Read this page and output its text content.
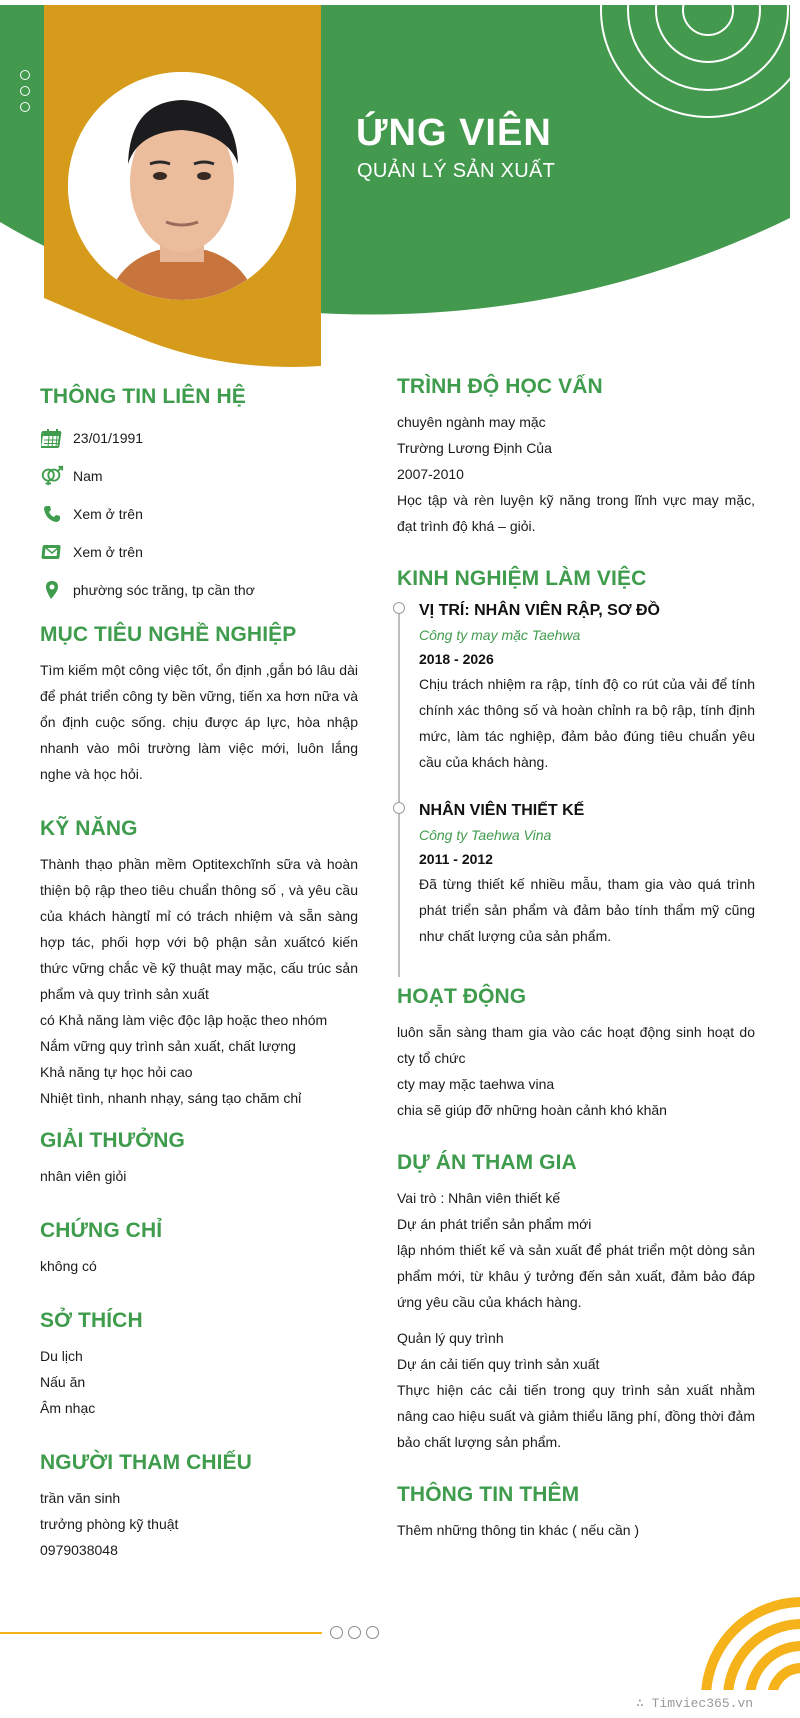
ỨNG VIÊN
QUẢN LÝ SẢN XUẤT
THÔNG TIN LIÊN HỆ
23/01/1991
Nam
Xem ở trên
Xem ở trên
phường sóc trăng, tp cần thơ
MỤC TIÊU NGHỀ NGHIỆP

Tìm kiếm một công việc tốt, ổn định ,gắn bó lâu dài để phát triển công ty bền vững, tiến xa hơn nữa và ổn định cuộc sống. chịu được áp lực, hòa nhập nhanh vào môi trường làm việc mới, luôn lắng nghe và học hỏi.

KỸ NĂNG

Thành thạo phần mềm Optitexchĩnh sữa và hoàn thiện bộ rập theo tiêu chuẩn thông số , và yêu cầu của khách hàngtỉ mỉ có trách nhiệm và sẵn sàng hợp tác, phối hợp với bộ phận sản xuấtcó kiến thức vững chắc về kỹ thuật may mặc, cấu trúc sản phẩm và quy trình sản xuất

có Khả năng làm việc độc lập hoặc theo nhóm
Nắm vững quy trình sản xuất, chất lượng
Khả năng tự học hỏi cao
Nhiệt tình, nhanh nhạy, sáng tạo chăm chỉ
GIẢI THƯỞNG
nhân viên giỏi
CHỨNG CHỈ
không có
SỞ THÍCH
Du lịch
Nấu ăn
Âm nhạc
NGƯỜI THAM CHIẾU
trần văn sinh
trưởng phòng kỹ thuật
0979038048
TRÌNH ĐỘ HỌC VẤN
chuyên ngành may mặc
Trường Lương Định Của
2007-2010

Học tập và rèn luyện kỹ năng trong lĩnh vực may mặc, đạt trình độ khá – giỏi.

KINH NGHIỆM LÀM VIỆC
VỊ TRÍ: NHÂN VIÊN RẬP, SƠ ĐỒ
Công ty may mặc Taehwa
2018 - 2026

Chịu trách nhiệm ra rập, tính độ co rút của vải để tính chính xác thông số và hoàn chỉnh ra bộ rập, tính định mức, làm tác nghiệp, đảm bảo đúng tiêu chuẩn yêu cầu của khách hàng.

NHÂN VIÊN THIẾT KẾ
Công ty Taehwa Vina
2011 - 2012

Đã từng thiết kế nhiều mẫu, tham gia vào quá trình phát triển sản phẩm và đảm bảo tính thẩm mỹ cũng như chất lượng của sản phẩm.

HOẠT ĐỘNG

luôn sẵn sàng tham gia vào các hoạt động sinh hoạt do cty tổ chức

cty may mặc taehwa vina
chia sẽ giúp đỡ những hoàn cảnh khó khăn
DỰ ÁN THAM GIA
Vai trò : Nhân viên thiết kế
Dự án phát triển sản phẩm mới

lập nhóm thiết kế và sản xuất để phát triển một dòng sản phẩm mới, từ khâu ý tưởng đến sản xuất, đảm bảo đáp ứng yêu cầu của khách hàng.

Quản lý quy trình
Dự án cải tiến quy trình sản xuất

Thực hiện các cải tiến trong quy trình sản xuất nhằm nâng cao hiệu suất và giảm thiểu lãng phí, đồng thời đảm bảo chất lượng sản phẩm.

THÔNG TIN THÊM
Thêm những thông tin khác ( nếu cần )
∴ Timviec365.vn
